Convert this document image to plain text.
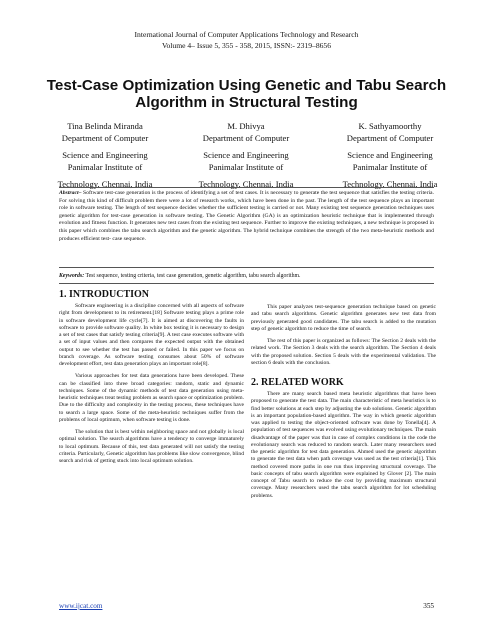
International Journal of Computer Applications Technology and Research
Volume 4– Issue 5, 355 - 358, 2015, ISSN:- 2319–8656
Test-Case Optimization Using Genetic and Tabu Search Algorithm in Structural Testing
Tina Belinda Miranda
Department of Computer
Science and Engineering
Panimalar Institute of
Technology, Chennai, India
M. Dhivya
Department of Computer
Science and Engineering
Panimalar Institute of
Technology, Chennai, India
K. Sathyamoorthy
Department of Computer
Science and Engineering
Panimalar Institute of
Technology, Chennai, India
Abstract– Software test-case generation is the process of identifying a set of test cases. It is necessary to generate the test sequence that satisfies the testing criteria. For solving this kind of difficult problem there were a lot of research works, which have been done in the past. The length of the test sequence plays an important role in software testing. The length of test sequence decides whether the sufficient testing is carried or not. Many existing test sequence generation techniques uses genetic algorithm for test-case generation in software testing. The Genetic Algorithm (GA) is an optimization heuristic technique that is implemented through evolution and fitness function. It generates new test cases from the existing test sequence. Further to improve the existing techniques, a new technique is proposed in this paper which combines the tabu search algorithm and the genetic algorithm. The hybrid technique combines the strength of the two meta-heuristic methods and produces efficient test- case sequence.
Keywords: Test sequence, testing criteria, test case generation, genetic algorithm, tabu search algorithm.
1. INTRODUCTION

Software engineering is a discipline concerned with all aspects of software right from development to its retirement.[18] Software testing plays a prime role in software development life cycle[7]. It is aimed at discovering the faults in software to provide software quality. In white box testing it is necessary to design a set of test cases that satisfy testing criteria[9]. A test case executes software with a set of input values and then compares the expected output with the obtained output to see whether the test has passed or failed. In this paper we focus on branch coverage. As software testing consumes about 50% of software development effort, test data generation plays an important role[8].

Various approaches for test data generations have been developed. These can be classified into three broad categories: random, static and dynamic techniques. Some of the dynamic methods of test data generation using meta-heuristic techniques treat testing problem as search space or optimization problem. Due to the difficulty and complexity in the testing process, these techniques have to search a large space. Some of the meta-heuristic techniques suffer from the problems of local optimum, when software testing is done.

The solution that is best within neighboring space and not globally is local optimal solution. The search algorithms have a tendency to converge immaturely to local optimum. Because of this, test data generated will not satisfy the testing criteria. Particularly, Genetic algorithm has problems like slow convergence, blind search and risk of getting stuck into local optimum solution.

This paper analyzes test-sequence generation technique based on genetic and tabu search algorithms. Genetic algorithm generates new test data from previously generated good candidates. The tabu search is added to the mutation step of genetic algorithm to reduce the time of search.

The rest of this paper is organized as follows: The Section 2 deals with the related work. The Section 3 deals with the search algorithm. The Section 4 deals with the proposed solution. Section 5 deals with the experimental validation. The section 6 deals with the conclusion.

2. RELATED WORK

There are many search based meta heuristic algorithms that have been proposed to generate the test data. The main characteristic of meta heuristics is to find better solutions at each step by adjusting the sub solutions. Genetic algorithm is an important population-based algorithm. The way in which genetic algorithm was applied to testing the object-oriented software was done by Tonella[4]. A population of test sequences was evolved using evolutionary techniques. The main disadvantage of the paper was that in case of complex conditions in the code the evolutionary search was reduced to random search. Later many researchers used the genetic algorithm for test data generation. Ahmed used the genetic algorithm to generate the test data when path coverage was used as the test criteria[1]. This method covered more paths in one run thus improving structural coverage. The basic concepts of tabu search algorithm were explained by Glover [2]. The main concept of Tabu search to reduce the cost by providing maximum structural coverage. Many researchers used the tabu search algorithm for lot scheduling problems.

www.ijcat.com	355
